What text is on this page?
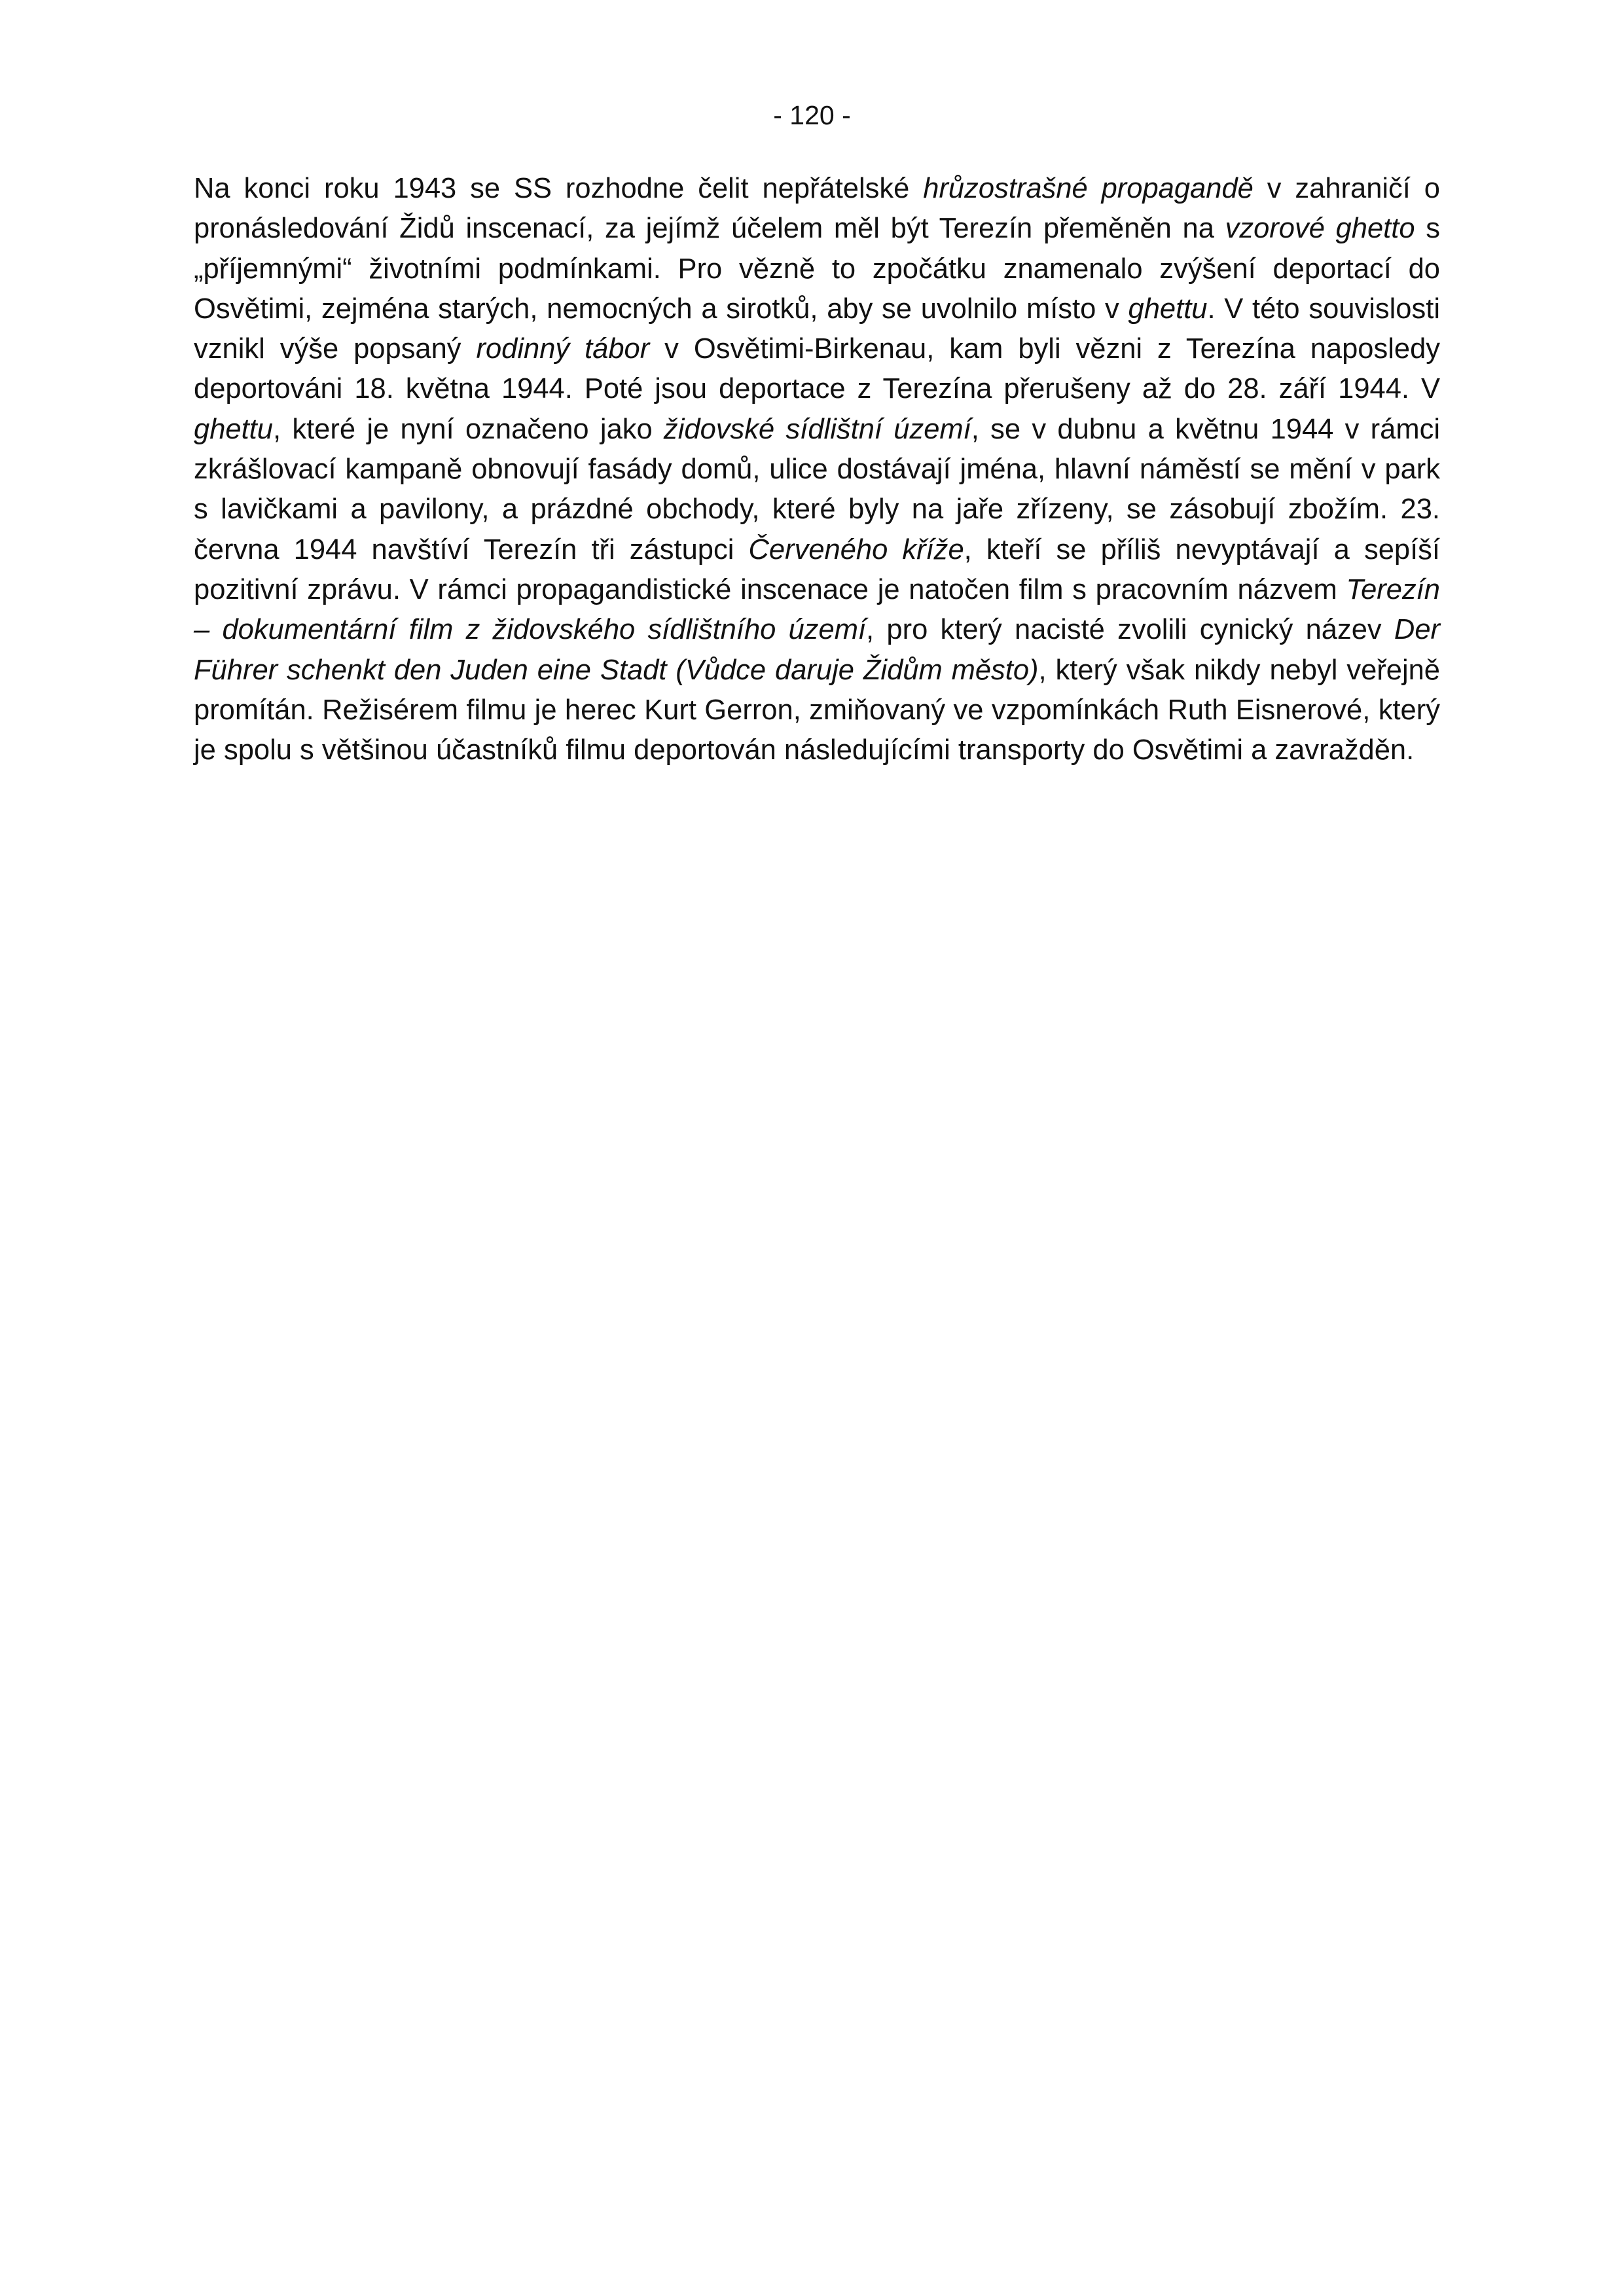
- 120 -

Na konci roku 1943 se SS rozhodne čelit nepřátelské hrůzostrašné propagandě v zahraničí o pronásledování Židů inscenací, za jejímž účelem měl být Terezín přeměněn na vzorové ghetto s „příjemnými“ životními podmínkami. Pro vězně to zpočátku znamenalo zvýšení deportací do Osvětimi, zejména starých, nemocných a sirotků, aby se uvolnilo místo v ghettu. V této souvislosti vznikl výše popsaný rodinný tábor v Osvětimi-Birkenau, kam byli vězni z Terezína naposledy deportováni 18. května 1944. Poté jsou deportace z Terezína přerušeny až do 28. září 1944. V ghettu, které je nyní označeno jako židovské sídlištní území, se v dubnu a květnu 1944 v rámci zkrášlovací kampaně obnovují fasády domů, ulice dostávají jména, hlavní náměstí se mění v park s lavičkami a pavilony, a prázdné obchody, které byly na jaře zřízeny, se zásobují zbožím. 23. června 1944 navštíví Terezín tři zástupci Červeného kříže, kteří se příliš nevyptávají a sepíší pozitivní zprávu. V rámci propagandistické inscenace je natočen film s pracovním názvem Terezín – dokumentární film z židovského sídlištního území, pro který nacisté zvolili cynický název Der Führer schenkt den Juden eine Stadt (Vůdce daruje Židům město), který však nikdy nebyl veřejně promítán. Režisérem filmu je herec Kurt Gerron, zmiňovaný ve vzpomínkách Ruth Eisnerové, který je spolu s většinou účastníků filmu deportován následujícími transporty do Osvětimi a zavražděn.
